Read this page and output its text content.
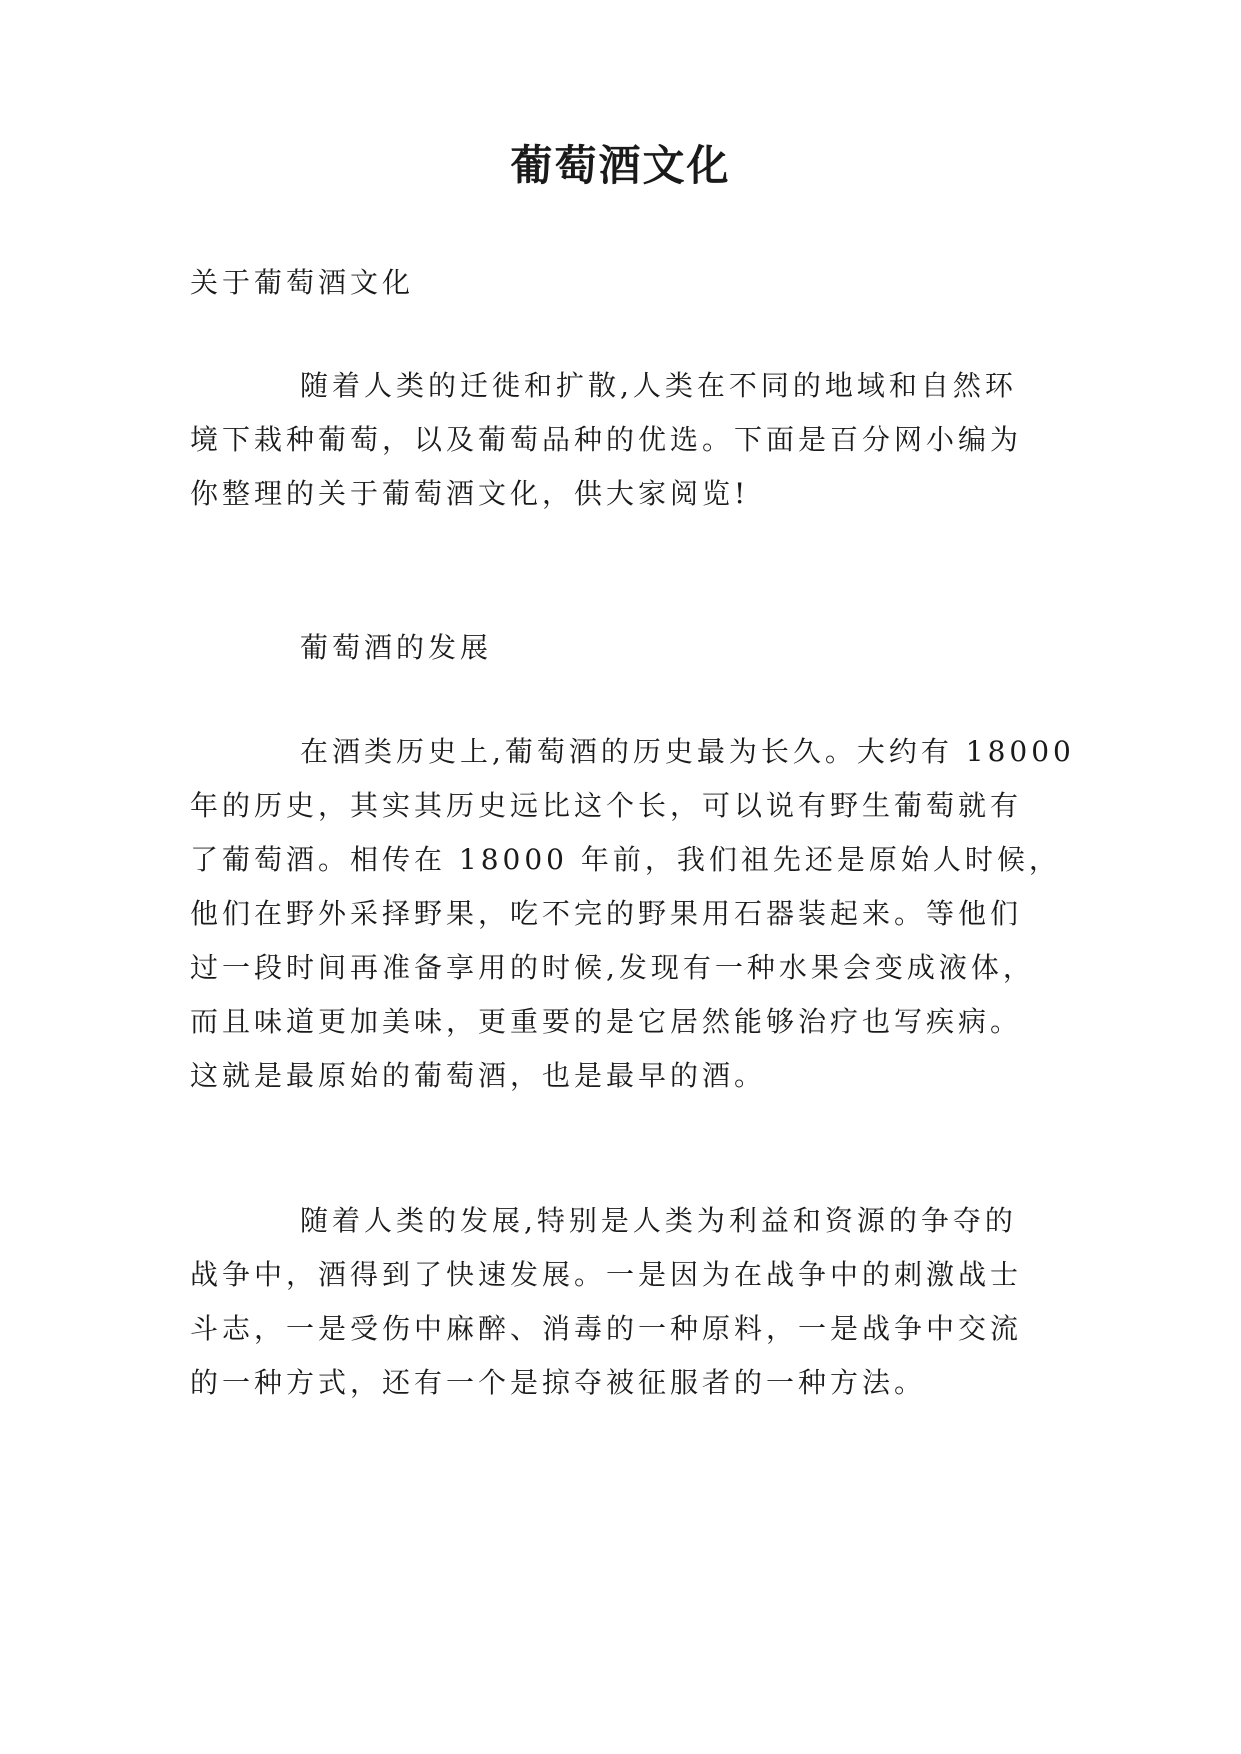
葡萄酒文化
关于葡萄酒文化
随着人类的迁徙和扩散,人类在不同的地域和自然环
境下栽种葡萄，以及葡萄品种的优选。下面是百分网小编为
你整理的关于葡萄酒文化，供大家阅览!
葡萄酒的发展
在酒类历史上,葡萄酒的历史最为长久。大约有 18000
年的历史，其实其历史远比这个长，可以说有野生葡萄就有
了葡萄酒。相传在 18000 年前，我们祖先还是原始人时候，
他们在野外采择野果，吃不完的野果用石器装起来。等他们
过一段时间再准备享用的时候,发现有一种水果会变成液体，
而且味道更加美味，更重要的是它居然能够治疗也写疾病。
这就是最原始的葡萄酒，也是最早的酒。
随着人类的发展,特别是人类为利益和资源的争夺的
战争中，酒得到了快速发展。一是因为在战争中的刺激战士
斗志，一是受伤中麻醉、消毒的一种原料，一是战争中交流
的一种方式，还有一个是掠夺被征服者的一种方法。
